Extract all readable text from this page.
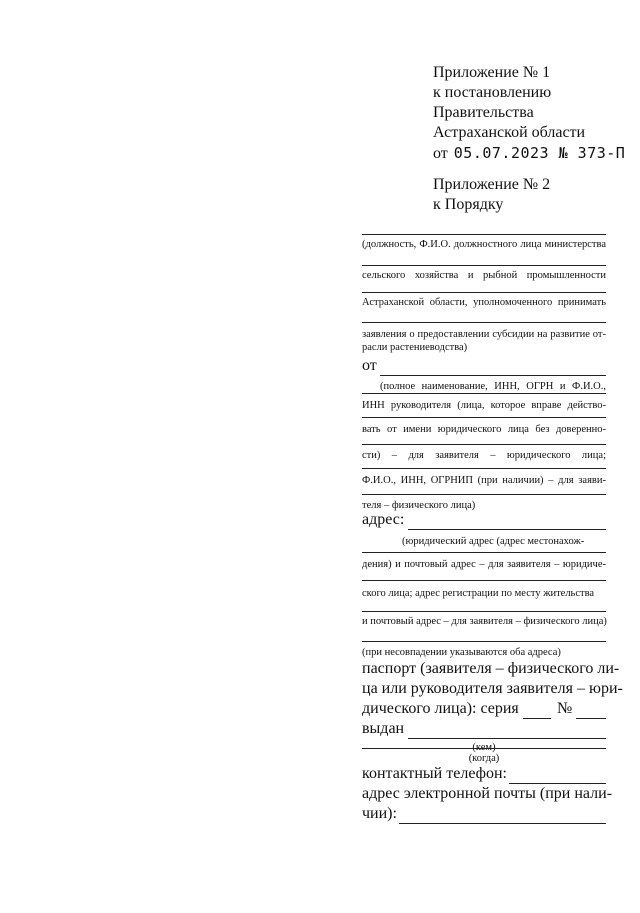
Приложение № 1
к постановлению
Правительства
Астраханской области
от 05.07.2023 № 373-П
Приложение № 2
к Порядку
(должность, Ф.И.О. должностного лица министерства
сельского хозяйства и рыбной промышленности
Астраханской области, уполномоченного принимать
заявления о предоставлении субсидии на развитие от-
расли растениеводства)
от
(полное наименование, ИНН, ОГРН и Ф.И.О.,
ИНН руководителя (лица, которое вправе действо-
вать от имени юридического лица без доверенно-
сти) – для заявителя – юридического лица;
Ф.И.О., ИНН, ОГРНИП (при наличии) – для заяви-
теля – физического лица)
адрес:
(юридический адрес (адрес местонахож-
дения) и почтовый адрес – для заявителя – юридиче-
ского лица; адрес регистрации по месту жительства
и почтовый адрес – для заявителя – физического лица)
(при несовпадении указываются оба адреса)
паспорт (заявителя – физического ли-
ца или руководителя заявителя – юри-
дического лица): серия №
выдан
(кем)
(когда)
контактный телефон:
адрес электронной почты (при нали-
чии):
